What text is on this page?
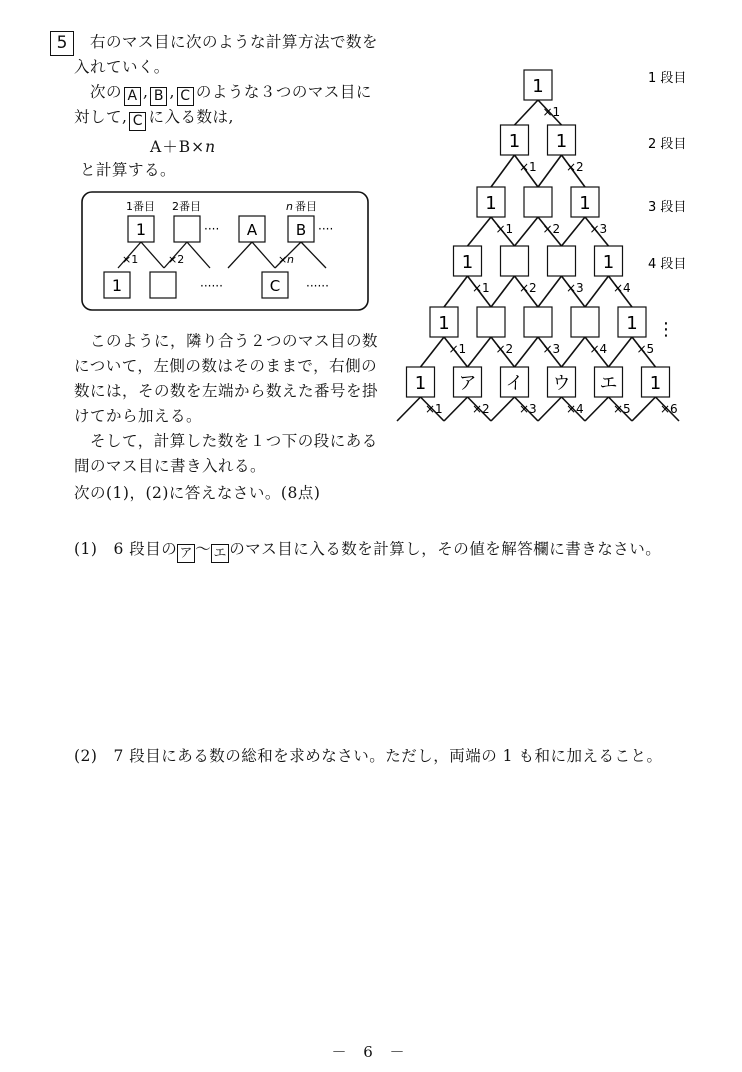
5	右のマス目に次のような計算方法で数を
入れていく。
次の A , B , C のような３つのマス目に
対して, C に入る数は,
A＋B×n
と計算する。
1番目 2番目	n 番目
1	···· A	B ····
×1	×2	× n
1	······	C ······
このように，隣り合う２つのマス目の数
について，左側の数はそのままで，右側の
数には，その数を左端から数えた番号を掛
けてから加える。
そして，計算した数を１つ下の段にある
間のマス目に書き入れる。
次の(1)，(2)に答えなさい。(8点)
×1
×1 ×2
×1 ×2 ×3
×1 ×2 ×3 ×4
×1 ×2 ×3 ×4 ×5
×1 ×2 ×3 ×4 ×5 ×6
1
1 1
1	1
1	1
1	1
1 ア イ ウ エ 1
1 段目
2 段目
3 段目
4 段目
⋮
(1)　6 段目の ア ～ エ のマス目に入る数を計算し，その値を解答欄に書きなさい。
(2)　7 段目にある数の総和を求めなさい。ただし，両端の 1 も和に加えること。
－ 6 －
